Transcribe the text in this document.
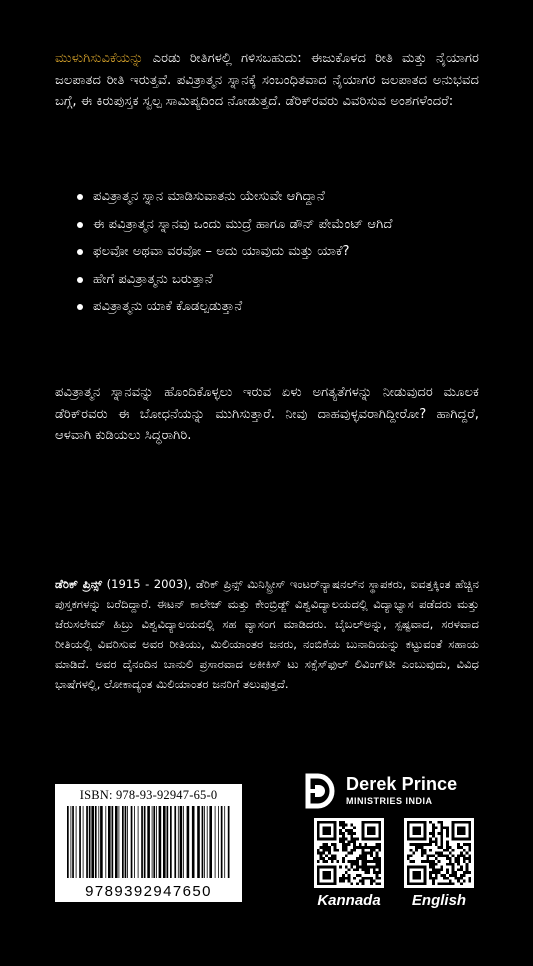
ಮುಳುಗಿಸುವಿಕೆಯನ್ನು ಎರಡು ರೀತಿಗಳಲ್ಲಿ ಗಳಿಸಬಹುದು: ಈಜುಕೊಳದ ರೀತಿ ಮತ್ತು ನೈಯಾಗರ ಜಲಪಾತದ ರೀತಿ ಇರುತ್ತವೆ. ಪವಿತ್ರಾತ್ಮನ ಸ್ನಾನಕ್ಕೆ ಸಂಬಂಧಿತವಾದ ನೈಯಾಗರ ಜಲಪಾತದ ಅನುಭವದ ಬಗ್ಗೆ, ಈ ಕಿರುಪುಸ್ತಕ ಸ್ವಲ್ಪ ಸಾಮಿಪ್ಯದಿಂದ ನೋಡುತ್ತದೆ. ಡೆರಿಕ್‌ರವರು ವಿವರಿಸುವ ಅಂಶಗಳೆಂದರೆ:

ಪವಿತ್ರಾತ್ಮನ ಸ್ನಾನ ಮಾಡಿಸುವಾತನು ಯೇಸುವೇ ಆಗಿದ್ದಾನೆ
ಈ ಪವಿತ್ರಾತ್ಮನ ಸ್ನಾನವು ಒಂದು ಮುದ್ರೆ ಹಾಗೂ ಡೌನ್ ಪೇಮೆಂಟ್ ಆಗಿದೆ
ಫಲವೋ ಅಥವಾ ವರವೋ – ಅದು ಯಾವುದು ಮತ್ತು ಯಾಕೆ?
ಹೇಗೆ ಪವಿತ್ರಾತ್ಮನು ಬರುತ್ತಾನೆ
ಪವಿತ್ರಾತ್ಮನು ಯಾಕೆ ಕೊಡಲ್ಪಡುತ್ತಾನೆ

ಪವಿತ್ರಾತ್ಮನ ಸ್ನಾನವನ್ನು ಹೊಂದಿಕೊಳ್ಳಲು ಇರುವ ಏಳು ಅಗತ್ಯತೆಗಳನ್ನು ನೀಡುವುದರ ಮೂಲಕ ಡೆರಿಕ್‌ರವರು ಈ ಬೋಧನೆಯನ್ನು ಮುಗಿಸುತ್ತಾರೆ. ನೀವು ದಾಹವುಳ್ಳವರಾಗಿದ್ದೀರೋ? ಹಾಗಿದ್ದರೆ, ಆಳವಾಗಿ ಕುಡಿಯಲು ಸಿದ್ಧರಾಗಿರಿ.

ಡೆರಿಕ್ ಪ್ರಿನ್ಸ್ (1915 - 2003), ಡೆರಿಕ್ ಪ್ರಿನ್ಸ್ ಮಿನಿಸ್ಟ್ರೀಸ್ ಇಂಟರ್‌ನ್ಯಾಷನಲ್‌ನ ಸ್ಥಾಪಕರು, ಐವತ್ತಕ್ಕಿಂತ ಹೆಚ್ಚಿನ ಪುಸ್ತಕಗಳನ್ನು ಬರೆದಿದ್ದಾರೆ. ಈಟನ್ ಕಾಲೇಜ್ ಮತ್ತು ಕೇಂಬ್ರಿಡ್ಜ್ ವಿಶ್ವವಿದ್ಯಾಲಯದಲ್ಲಿ ವಿದ್ಯಾಭ್ಯಾಸ ಪಡೆದರು ಮತ್ತು ಜೆರುಸಲೇಮ್ ಹಿಬ್ರು ವಿಶ್ವವಿದ್ಯಾಲಯದಲ್ಲಿ ಸಹ ವ್ಯಾಸಂಗ ಮಾಡಿದರು. ಬೈಬಲ್‌ಅನ್ನು, ಸ್ಪಷ್ಟವಾದ, ಸರಳವಾದ ರೀತಿಯಲ್ಲಿ ವಿವರಿಸುವ ಅವರ ರೀತಿಯು, ಮಿಲಿಯಾಂತರ ಜನರು, ನಂಬಿಕೆಯ ಬುನಾದಿಯನ್ನು ಕಟ್ಟುವಂತೆ ಸಹಾಯ ಮಾಡಿದೆ. ಅವರ ದೈನಂದಿನ ಬಾನುಲಿ ಪ್ರಸಾರವಾದ ಅಕೀಕಿಸ್ ಟು ಸಕ್ಸೆಸ್‌ಫುಲ್ ಲಿವಿಂಗ್‌ಟೀ ಎಂಬುವುದು, ವಿವಿಧ ಭಾಷೆಗಳಲ್ಲಿ, ಲೋಕಾದ್ಯಂತ ಮಿಲಿಯಾಂತರ ಜನರಿಗೆ ತಲುಪುತ್ತದೆ.

ISBN: 978-93-92947-65-0
9789392947650
Derek Prince
MINISTRIES INDIA
Kannada	English
